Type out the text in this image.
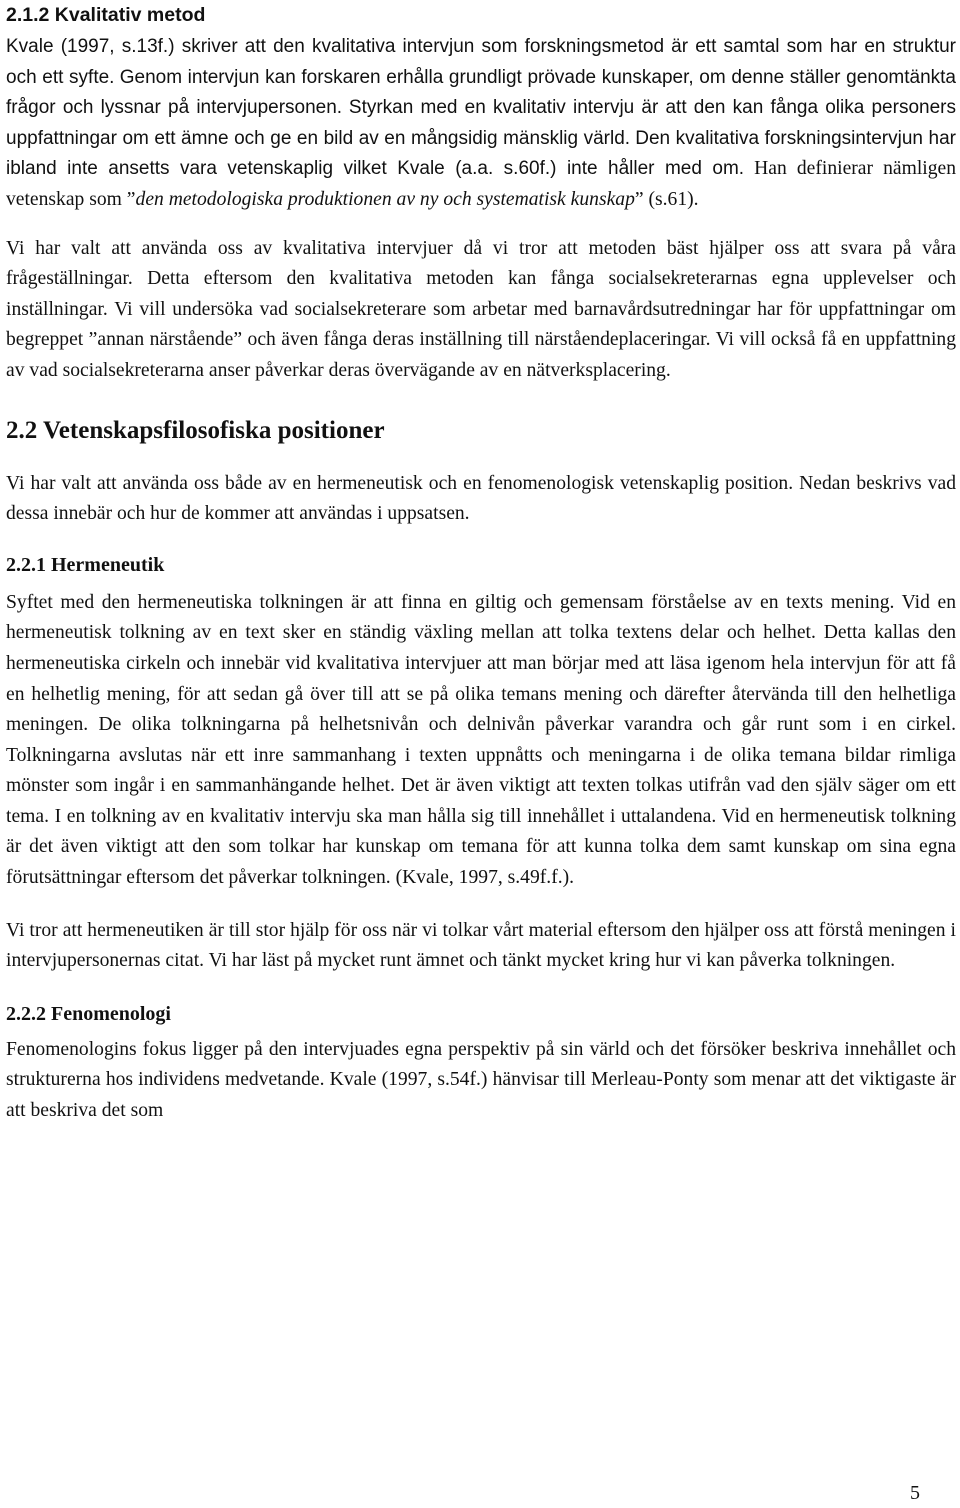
2.1.2 Kvalitativ metod

Kvale (1997, s.13f.) skriver att den kvalitativa intervjun som forskningsmetod är ett samtal som har en struktur och ett syfte. Genom intervjun kan forskaren erhålla grundligt prövade kunskaper, om denne ställer genomtänkta frågor och lyssnar på intervjupersonen. Styrkan med en kvalitativ intervju är att den kan fånga olika personers uppfattningar om ett ämne och ge en bild av en mångsidig mänsklig värld. Den kvalitativa forskningsintervjun har ibland inte ansetts vara vetenskaplig vilket Kvale (a.a. s.60f.) inte håller med om. Han definierar nämligen vetenskap som ”den metodologiska produktionen av ny och systematisk kunskap” (s.61).

Vi har valt att använda oss av kvalitativa intervjuer då vi tror att metoden bäst hjälper oss att svara på våra frågeställningar. Detta eftersom den kvalitativa metoden kan fånga socialsekreterarnas egna upplevelser och inställningar. Vi vill undersöka vad socialsekreterare som arbetar med barnavårdsutredningar har för uppfattningar om begreppet ”annan närstående” och även fånga deras inställning till närståendeplaceringar. Vi vill också få en uppfattning av vad socialsekreterarna anser påverkar deras övervägande av en nätverksplacering.

2.2 Vetenskapsfilosofiska positioner

Vi har valt att använda oss både av en hermeneutisk och en fenomenologisk vetenskaplig position. Nedan beskrivs vad dessa innebär och hur de kommer att användas i uppsatsen.

2.2.1 Hermeneutik

Syftet med den hermeneutiska tolkningen är att finna en giltig och gemensam förståelse av en texts mening. Vid en hermeneutisk tolkning av en text sker en ständig växling mellan att tolka textens delar och helhet. Detta kallas den hermeneutiska cirkeln och innebär vid kvalitativa intervjuer att man börjar med att läsa igenom hela intervjun för att få en helhetlig mening, för att sedan gå över till att se på olika temans mening och därefter återvända till den helhetliga meningen. De olika tolkningarna på helhetsnivån och delnivån påverkar varandra och går runt som i en cirkel. Tolkningarna avslutas när ett inre sammanhang i texten uppnåtts och meningarna i de olika temana bildar rimliga mönster som ingår i en sammanhängande helhet. Det är även viktigt att texten tolkas utifrån vad den själv säger om ett tema. I en tolkning av en kvalitativ intervju ska man hålla sig till innehållet i uttalandena. Vid en hermeneutisk tolkning är det även viktigt att den som tolkar har kunskap om temana för att kunna tolka dem samt kunskap om sina egna förutsättningar eftersom det påverkar tolkningen. (Kvale, 1997, s.49f.f.).

Vi tror att hermeneutiken är till stor hjälp för oss när vi tolkar vårt material eftersom den hjälper oss att förstå meningen i intervjupersonernas citat. Vi har läst på mycket runt ämnet och tänkt mycket kring hur vi kan påverka tolkningen.

2.2.2 Fenomenologi

Fenomenologins fokus ligger på den intervjuades egna perspektiv på sin värld och det försöker beskriva innehållet och strukturerna hos individens medvetande. Kvale (1997, s.54f.) hänvisar till Merleau-Ponty som menar att det viktigaste är att beskriva det som

5
